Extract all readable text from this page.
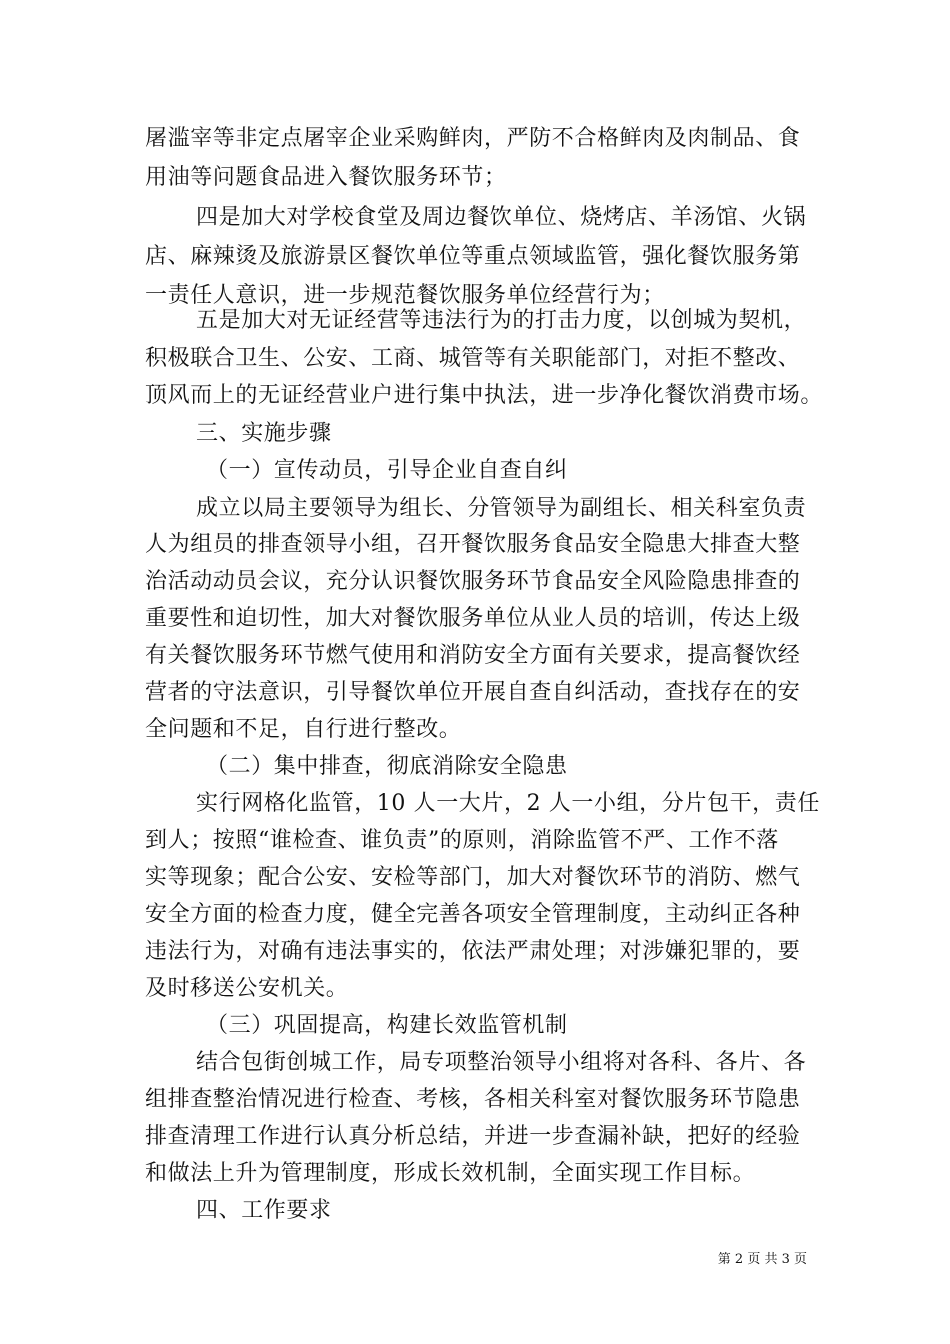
屠滥宰等非定点屠宰企业采购鲜肉，严防不合格鲜肉及肉制品、食
用油等问题食品进入餐饮服务环节；
四是加大对学校食堂及周边餐饮单位、烧烤店、羊汤馆、火锅
店、麻辣烫及旅游景区餐饮单位等重点领域监管，强化餐饮服务第
一责任人意识，进一步规范餐饮服务单位经营行为；
五是加大对无证经营等违法行为的打击力度，以创城为契机，
积极联合卫生、公安、工商、城管等有关职能部门，对拒不整改、
顶风而上的无证经营业户进行集中执法，进一步净化餐饮消费市场。
三、实施步骤
（一）宣传动员，引导企业自查自纠
成立以局主要领导为组长、分管领导为副组长、相关科室负责
人为组员的排查领导小组，召开餐饮服务食品安全隐患大排查大整
治活动动员会议，充分认识餐饮服务环节食品安全风险隐患排查的
重要性和迫切性，加大对餐饮服务单位从业人员的培训，传达上级
有关餐饮服务环节燃气使用和消防安全方面有关要求，提高餐饮经
营者的守法意识，引导餐饮单位开展自查自纠活动，查找存在的安
全问题和不足，自行进行整改。
（二）集中排查，彻底消除安全隐患
实行网格化监管，10 人一大片，2 人一小组，分片包干，责任
到人；按照“谁检查、谁负责”的原则，消除监管不严、工作不落
实等现象；配合公安、安检等部门，加大对餐饮环节的消防、燃气
安全方面的检查力度，健全完善各项安全管理制度，主动纠正各种
违法行为，对确有违法事实的，依法严肃处理；对涉嫌犯罪的，要
及时移送公安机关。
（三）巩固提高，构建长效监管机制
结合包街创城工作，局专项整治领导小组将对各科、各片、各
组排查整治情况进行检查、考核，各相关科室对餐饮服务环节隐患
排查清理工作进行认真分析总结，并进一步查漏补缺，把好的经验
和做法上升为管理制度，形成长效机制，全面实现工作目标。
四、工作要求
第 2 页 共 3 页
